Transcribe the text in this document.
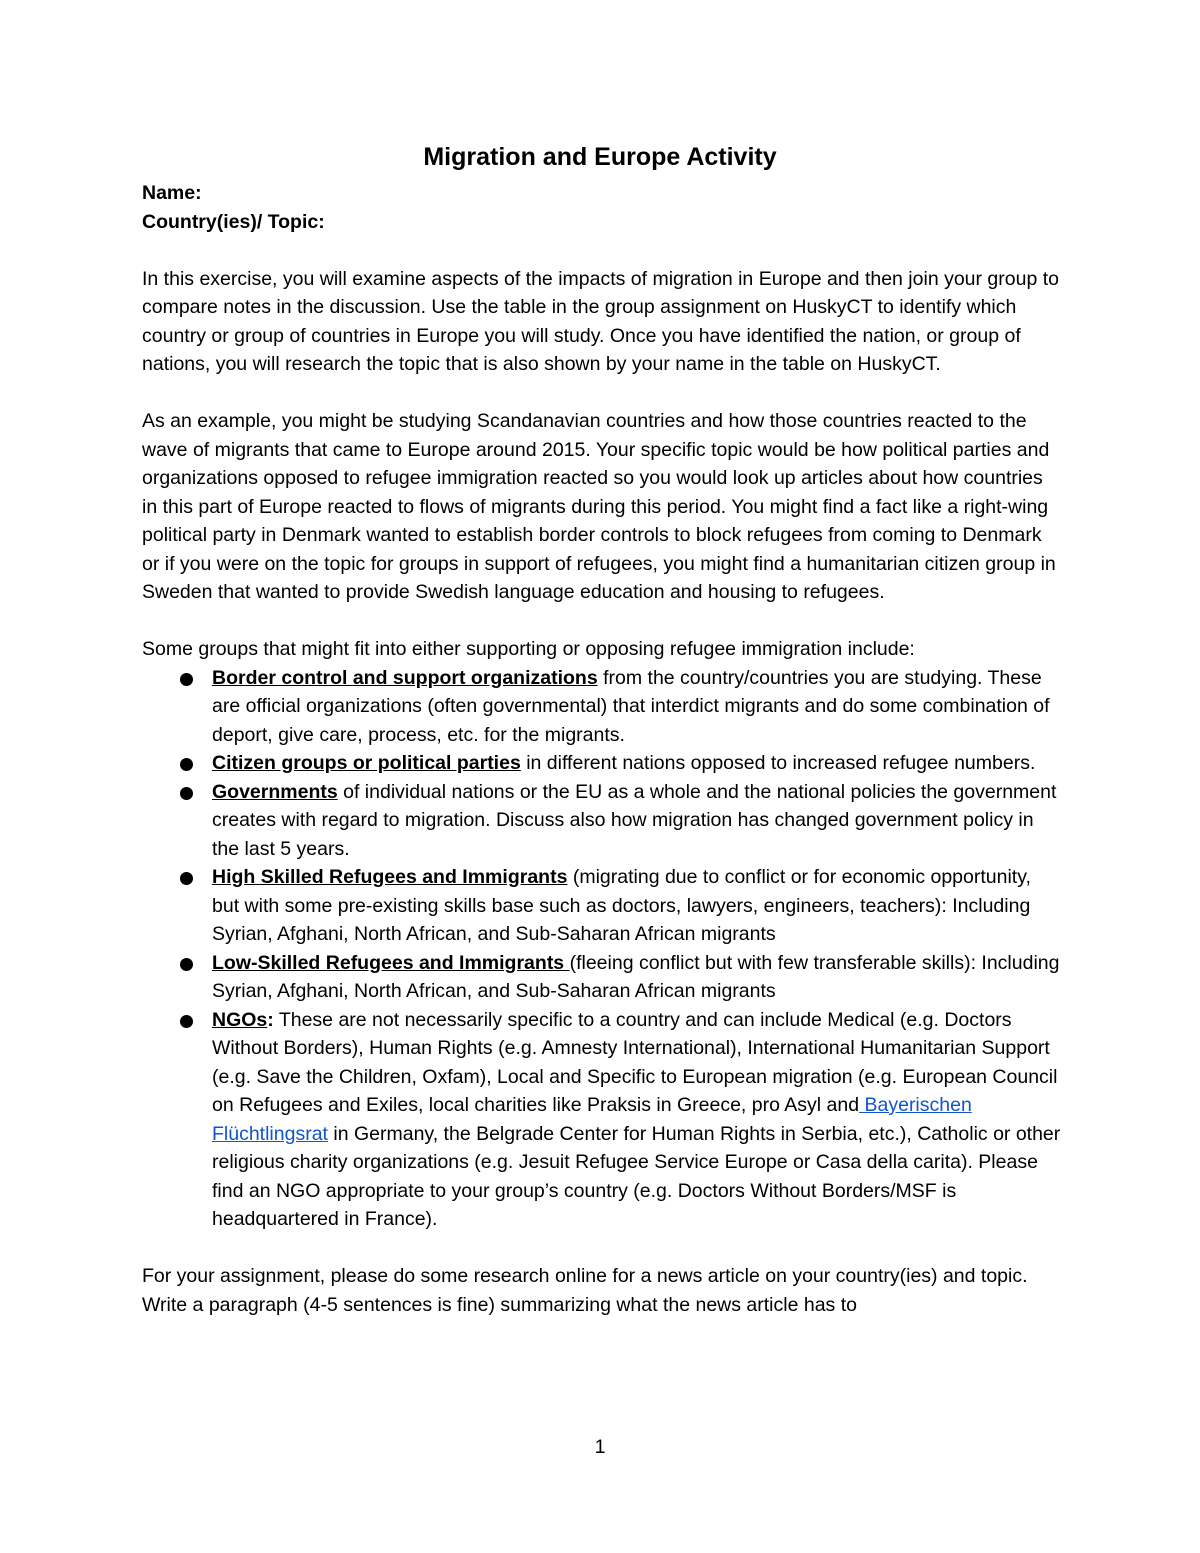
Migration and Europe Activity

Name:

Country(ies)/ Topic:

In this exercise, you will examine aspects of the impacts of migration in Europe and then join your group to compare notes in the discussion. Use the table in the group assignment on HuskyCT to identify which country or group of countries in Europe you will study. Once you have identified the nation, or group of nations, you will research the topic that is also shown by your name in the table on HuskyCT.

As an example, you might be studying Scandanavian countries and how those countries reacted to the wave of migrants that came to Europe around 2015. Your specific topic would be how political parties and organizations opposed to refugee immigration reacted so you would look up articles about how countries in this part of Europe reacted to flows of migrants during this period. You might find a fact like a right-wing political party in Denmark wanted to establish border controls to block refugees from coming to Denmark or if you were on the topic for groups in support of refugees, you might find a humanitarian citizen group in Sweden that wanted to provide Swedish language education and housing to refugees.

Some groups that might fit into either supporting or opposing refugee immigration include:

Border control and support organizations from the country/countries you are studying. These are official organizations (often governmental) that interdict migrants and do some combination of deport, give care, process, etc. for the migrants.
Citizen groups or political parties in different nations opposed to increased refugee numbers.
Governments of individual nations or the EU as a whole and the national policies the government creates with regard to migration. Discuss also how migration has changed government policy in the last 5 years.
High Skilled Refugees and Immigrants (migrating due to conflict or for economic opportunity, but with some pre-existing skills base such as doctors, lawyers, engineers, teachers): Including Syrian, Afghani, North African, and Sub-Saharan African migrants
Low-Skilled Refugees and Immigrants (fleeing conflict but with few transferable skills): Including Syrian, Afghani, North African, and Sub-Saharan African migrants
NGOs: These are not necessarily specific to a country and can include Medical (e.g. Doctors Without Borders), Human Rights (e.g. Amnesty International), International Humanitarian Support (e.g. Save the Children, Oxfam), Local and Specific to European migration (e.g. European Council on Refugees and Exiles, local charities like Praksis in Greece, pro Asyl and Bayerischen Flüchtlingsrat in Germany, the Belgrade Center for Human Rights in Serbia, etc.), Catholic or other religious charity organizations (e.g. Jesuit Refugee Service Europe or Casa della carita). Please find an NGO appropriate to your group’s country (e.g. Doctors Without Borders/MSF is headquartered in France).

For your assignment, please do some research online for a news article on your country(ies) and topic. Write a paragraph (4-5 sentences is fine) summarizing what the news article has to

1
